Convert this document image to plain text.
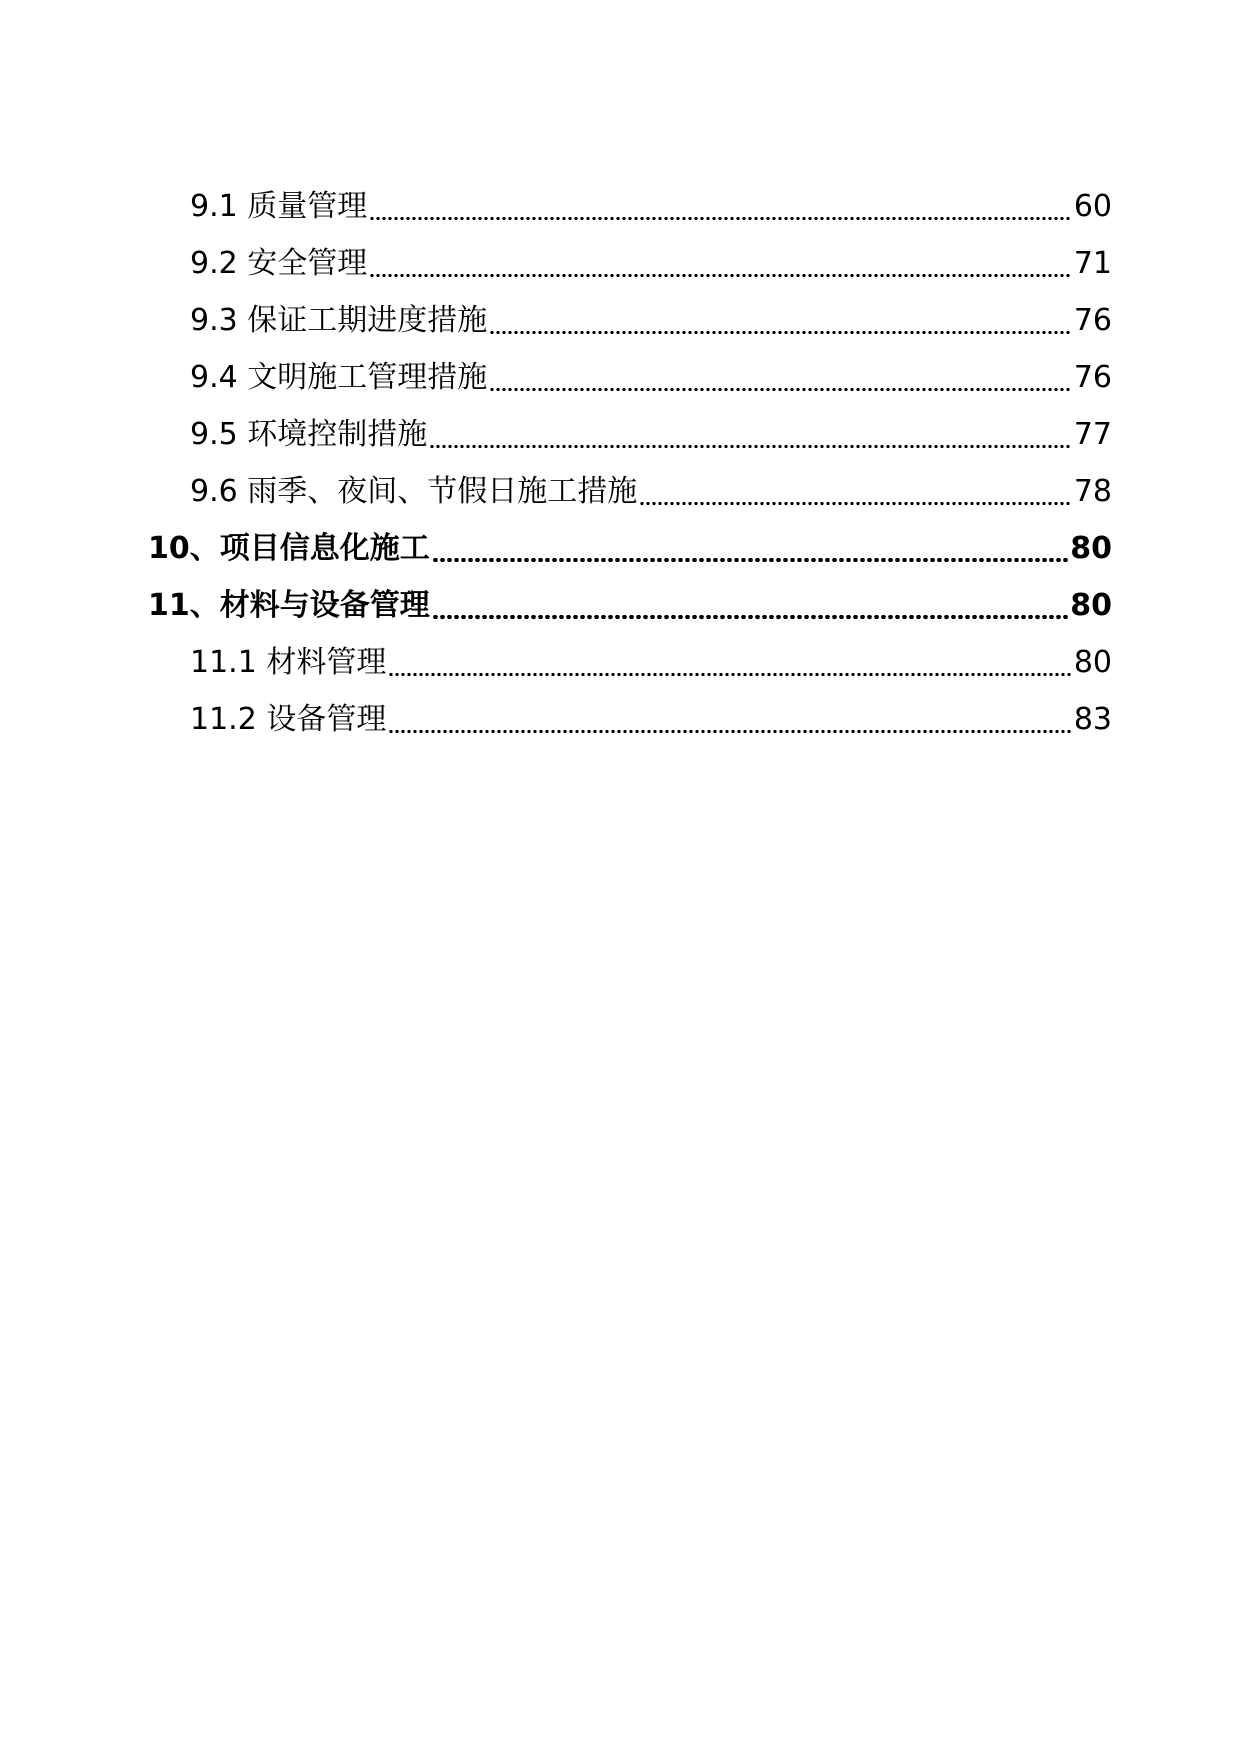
9.1 质量管理	60
9.2 安全管理	71
9.3 保证工期进度措施	76
9.4 文明施工管理措施	76
9.5 环境控制措施	77
9.6 雨季、夜间、节假日施工措施	78
10、项目信息化施工	80
11、材料与设备管理	80
11.1 材料管理	80
11.2 设备管理	83
